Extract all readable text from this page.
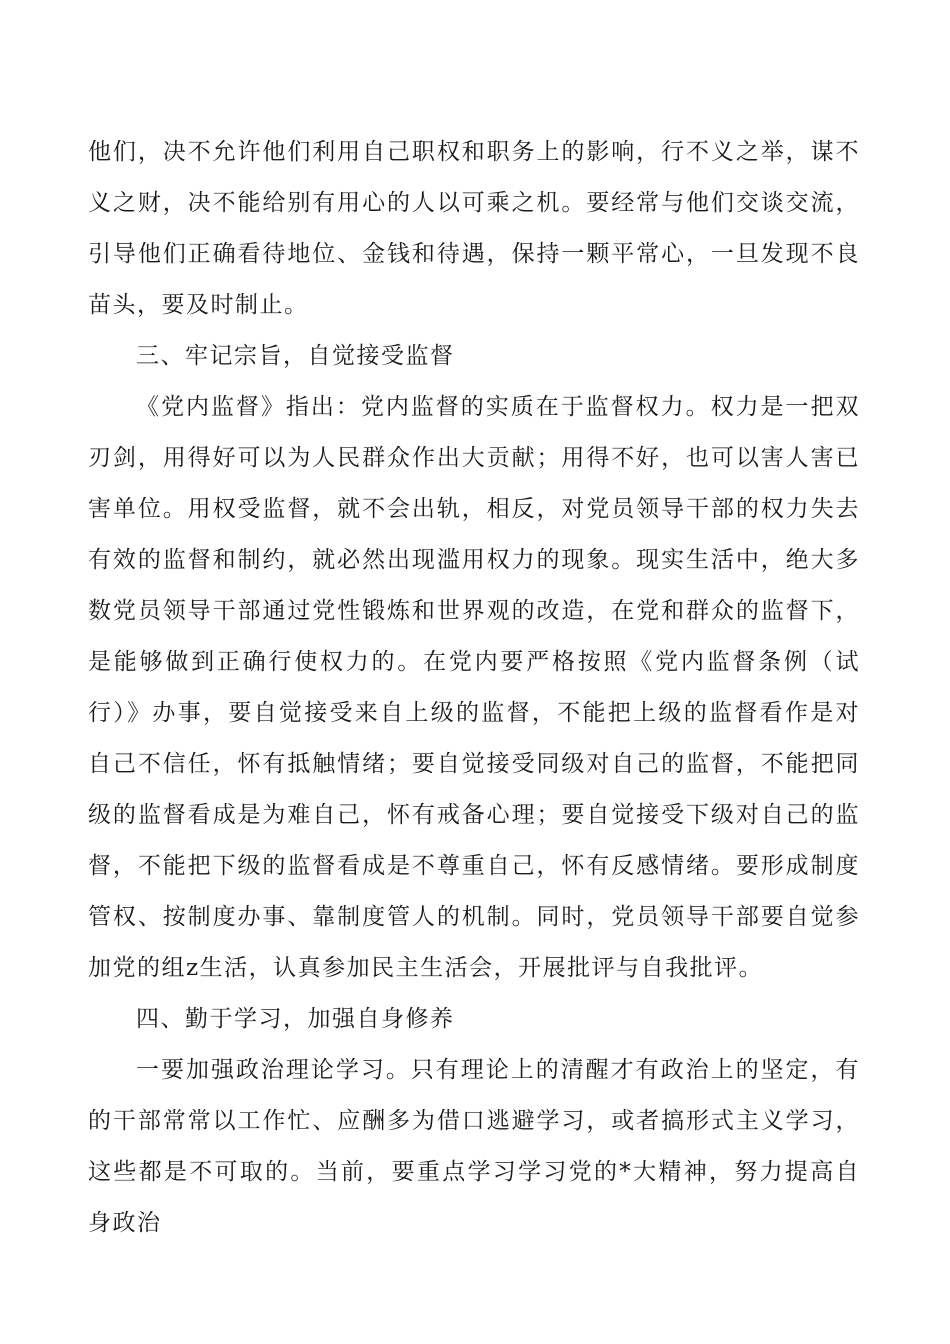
他们，决不允许他们利用自己职权和职务上的影响，行不义之举，谋不义之财，决不能给别有用心的人以可乘之机。要经常与他们交谈交流，引导他们正确看待地位、金钱和待遇，保持一颗平常心，一旦发现不良苗头，要及时制止。

三、牢记宗旨，自觉接受监督

《党内监督》指出：党内监督的实质在于监督权力。权力是一把双刃剑，用得好可以为人民群众作出大贡献；用得不好，也可以害人害已害单位。用权受监督，就不会出轨，相反，对党员领导干部的权力失去有效的监督和制约，就必然出现滥用权力的现象。现实生活中，绝大多数党员领导干部通过党性锻炼和世界观的改造，在党和群众的监督下，是能够做到正确行使权力的。在党内要严格按照《党内监督条例（试行）》办事，要自觉接受来自上级的监督，不能把上级的监督看作是对自己不信任，怀有抵触情绪；要自觉接受同级对自己的监督，不能把同级的监督看成是为难自己，怀有戒备心理；要自觉接受下级对自己的监督，不能把下级的监督看成是不尊重自己，怀有反感情绪。要形成制度管权、按制度办事、靠制度管人的机制。同时，党员领导干部要自觉参加党的组z生活，认真参加民主生活会，开展批评与自我批评。

四、勤于学习，加强自身修养

一要加强政治理论学习。只有理论上的清醒才有政治上的坚定，有的干部常常以工作忙、应酬多为借口逃避学习，或者搞形式主义学习，这些都是不可取的。当前，要重点学习学习党的*大精神，努力提高自身政治
